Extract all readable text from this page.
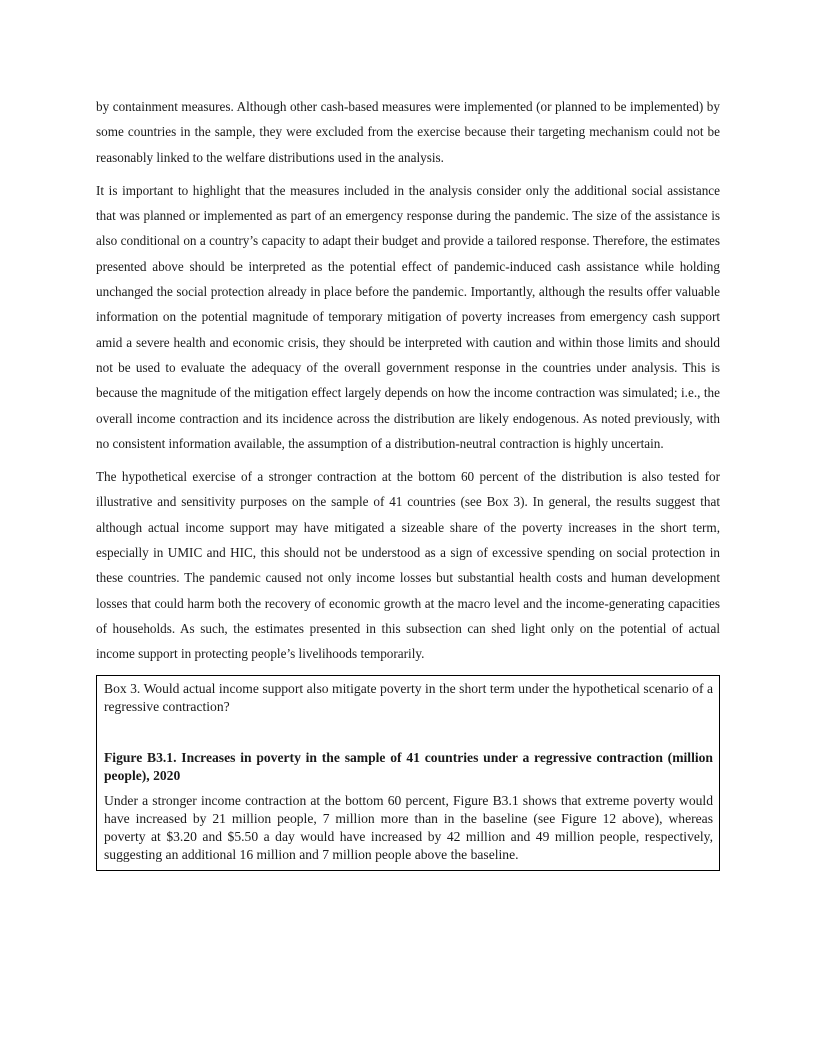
by containment measures. Although other cash-based measures were implemented (or planned to be implemented) by some countries in the sample, they were excluded from the exercise because their targeting mechanism could not be reasonably linked to the welfare distributions used in the analysis.

It is important to highlight that the measures included in the analysis consider only the additional social assistance that was planned or implemented as part of an emergency response during the pandemic. The size of the assistance is also conditional on a country’s capacity to adapt their budget and provide a tailored response. Therefore, the estimates presented above should be interpreted as the potential effect of pandemic-induced cash assistance while holding unchanged the social protection already in place before the pandemic. Importantly, although the results offer valuable information on the potential magnitude of temporary mitigation of poverty increases from emergency cash support amid a severe health and economic crisis, they should be interpreted with caution and within those limits and should not be used to evaluate the adequacy of the overall government response in the countries under analysis. This is because the magnitude of the mitigation effect largely depends on how the income contraction was simulated; i.e., the overall income contraction and its incidence across the distribution are likely endogenous. As noted previously, with no consistent information available, the assumption of a distribution-neutral contraction is highly uncertain.

The hypothetical exercise of a stronger contraction at the bottom 60 percent of the distribution is also tested for illustrative and sensitivity purposes on the sample of 41 countries (see Box 3). In general, the results suggest that although actual income support may have mitigated a sizeable share of the poverty increases in the short term, especially in UMIC and HIC, this should not be understood as a sign of excessive spending on social protection in these countries. The pandemic caused not only income losses but substantial health costs and human development losses that could harm both the recovery of economic growth at the macro level and the income-generating capacities of households. As such, the estimates presented in this subsection can shed light only on the potential of actual income support in protecting people’s livelihoods temporarily.

Box 3. Would actual income support also mitigate poverty in the short term under the hypothetical scenario of a regressive contraction?

Figure B3.1. Increases in poverty in the sample of 41 countries under a regressive contraction (million people), 2020

Under a stronger income contraction at the bottom 60 percent, Figure B3.1 shows that extreme poverty would have increased by 21 million people, 7 million more than in the baseline (see Figure 12 above), whereas poverty at $3.20 and $5.50 a day would have increased by 42 million and 49 million people, respectively, suggesting an additional 16 million and 7 million people above the baseline.
